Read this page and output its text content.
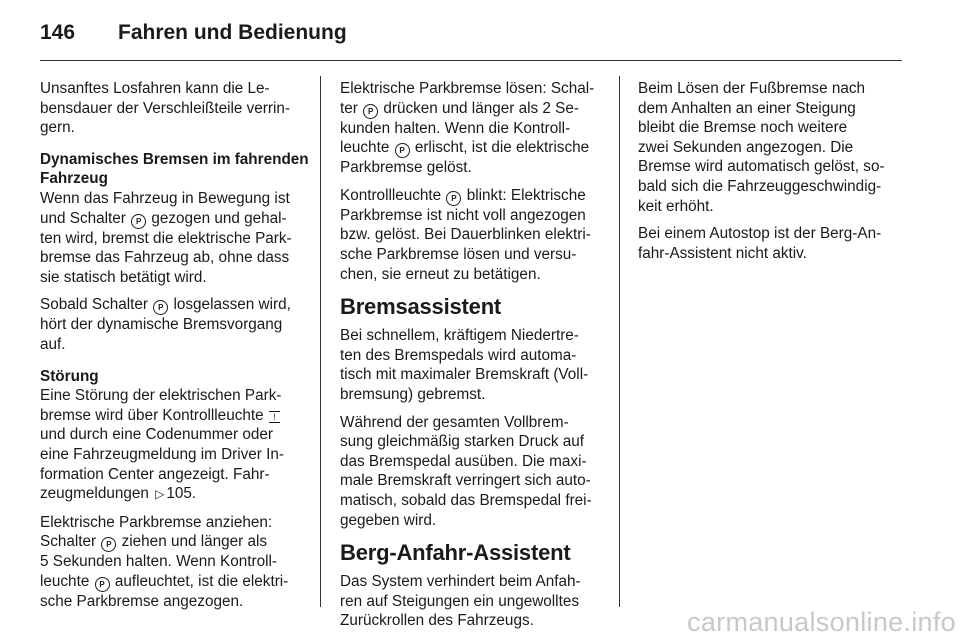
146	Fahren und Bedienung

Unsanftes Losfahren kann die Le-
bensdauer der Verschleißteile verrin-
gern.

Dynamisches Bremsen im fahrenden
Fahrzeug

Wenn das Fahrzeug in Bewegung ist
und Schalter P gezogen und gehal-
ten wird, bremst die elektrische Park-
bremse das Fahrzeug ab, ohne dass
sie statisch betätigt wird.

Sobald Schalter P losgelassen wird,
hört der dynamische Bremsvorgang
auf.

Störung

Eine Störung der elektrischen Park-
bremse wird über Kontrollleuchte !
und durch eine Codenummer oder
eine Fahrzeugmeldung im Driver In-
formation Center angezeigt. Fahr-
zeugmeldungen ▷ 105.

Elektrische Parkbremse anziehen:
Schalter P ziehen und länger als
5 Sekunden halten. Wenn Kontroll-
leuchte P aufleuchtet, ist die elektri-
sche Parkbremse angezogen.

Elektrische Parkbremse lösen: Schal-
ter P drücken und länger als 2 Se-
kunden halten. Wenn die Kontroll-
leuchte P erlischt, ist die elektrische
Parkbremse gelöst.

Kontrollleuchte P blinkt: Elektrische
Parkbremse ist nicht voll angezogen
bzw. gelöst. Bei Dauerblinken elektri-
sche Parkbremse lösen und versu-
chen, sie erneut zu betätigen.

Bremsassistent

Bei schnellem, kräftigem Niedertre-
ten des Bremspedals wird automa-
tisch mit maximaler Bremskraft (Voll-
bremsung) gebremst.

Während der gesamten Vollbrem-
sung gleichmäßig starken Druck auf
das Bremspedal ausüben. Die maxi-
male Bremskraft verringert sich auto-
matisch, sobald das Bremspedal frei-
gegeben wird.

Berg-Anfahr-Assistent

Das System verhindert beim Anfah-
ren auf Steigungen ein ungewolltes
Zurückrollen des Fahrzeugs.

Beim Lösen der Fußbremse nach
dem Anhalten an einer Steigung
bleibt die Bremse noch weitere
zwei Sekunden angezogen. Die
Bremse wird automatisch gelöst, so-
bald sich die Fahrzeuggeschwindig-
keit erhöht.

Bei einem Autostop ist der Berg-An-
fahr-Assistent nicht aktiv.

carmanualsonline.info
